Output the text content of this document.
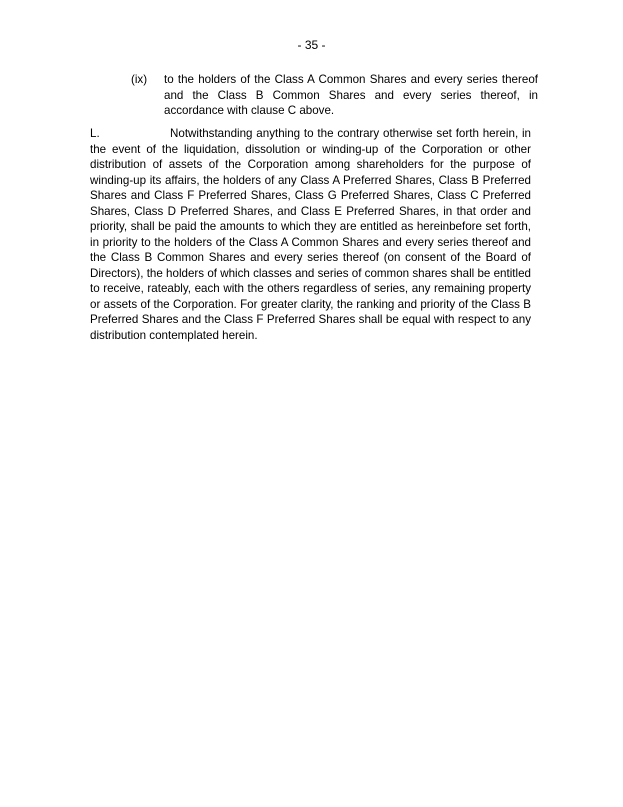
- 35 -
(ix) to the holders of the Class A Common Shares and every series thereof and the Class B Common Shares and every series thereof, in accordance with clause C above.
L.	Notwithstanding anything to the contrary otherwise set forth herein, in the event of the liquidation, dissolution or winding-up of the Corporation or other distribution of assets of the Corporation among shareholders for the purpose of winding-up its affairs, the holders of any Class A Preferred Shares, Class B Preferred Shares and Class F Preferred Shares, Class G Preferred Shares, Class C Preferred Shares, Class D Preferred Shares, and Class E Preferred Shares, in that order and priority, shall be paid the amounts to which they are entitled as hereinbefore set forth, in priority to the holders of the Class A Common Shares and every series thereof and the Class B Common Shares and every series thereof (on consent of the Board of Directors), the holders of which classes and series of common shares shall be entitled to receive, rateably, each with the others regardless of series, any remaining property or assets of the Corporation. For greater clarity, the ranking and priority of the Class B Preferred Shares and the Class F Preferred Shares shall be equal with respect to any distribution contemplated herein.
